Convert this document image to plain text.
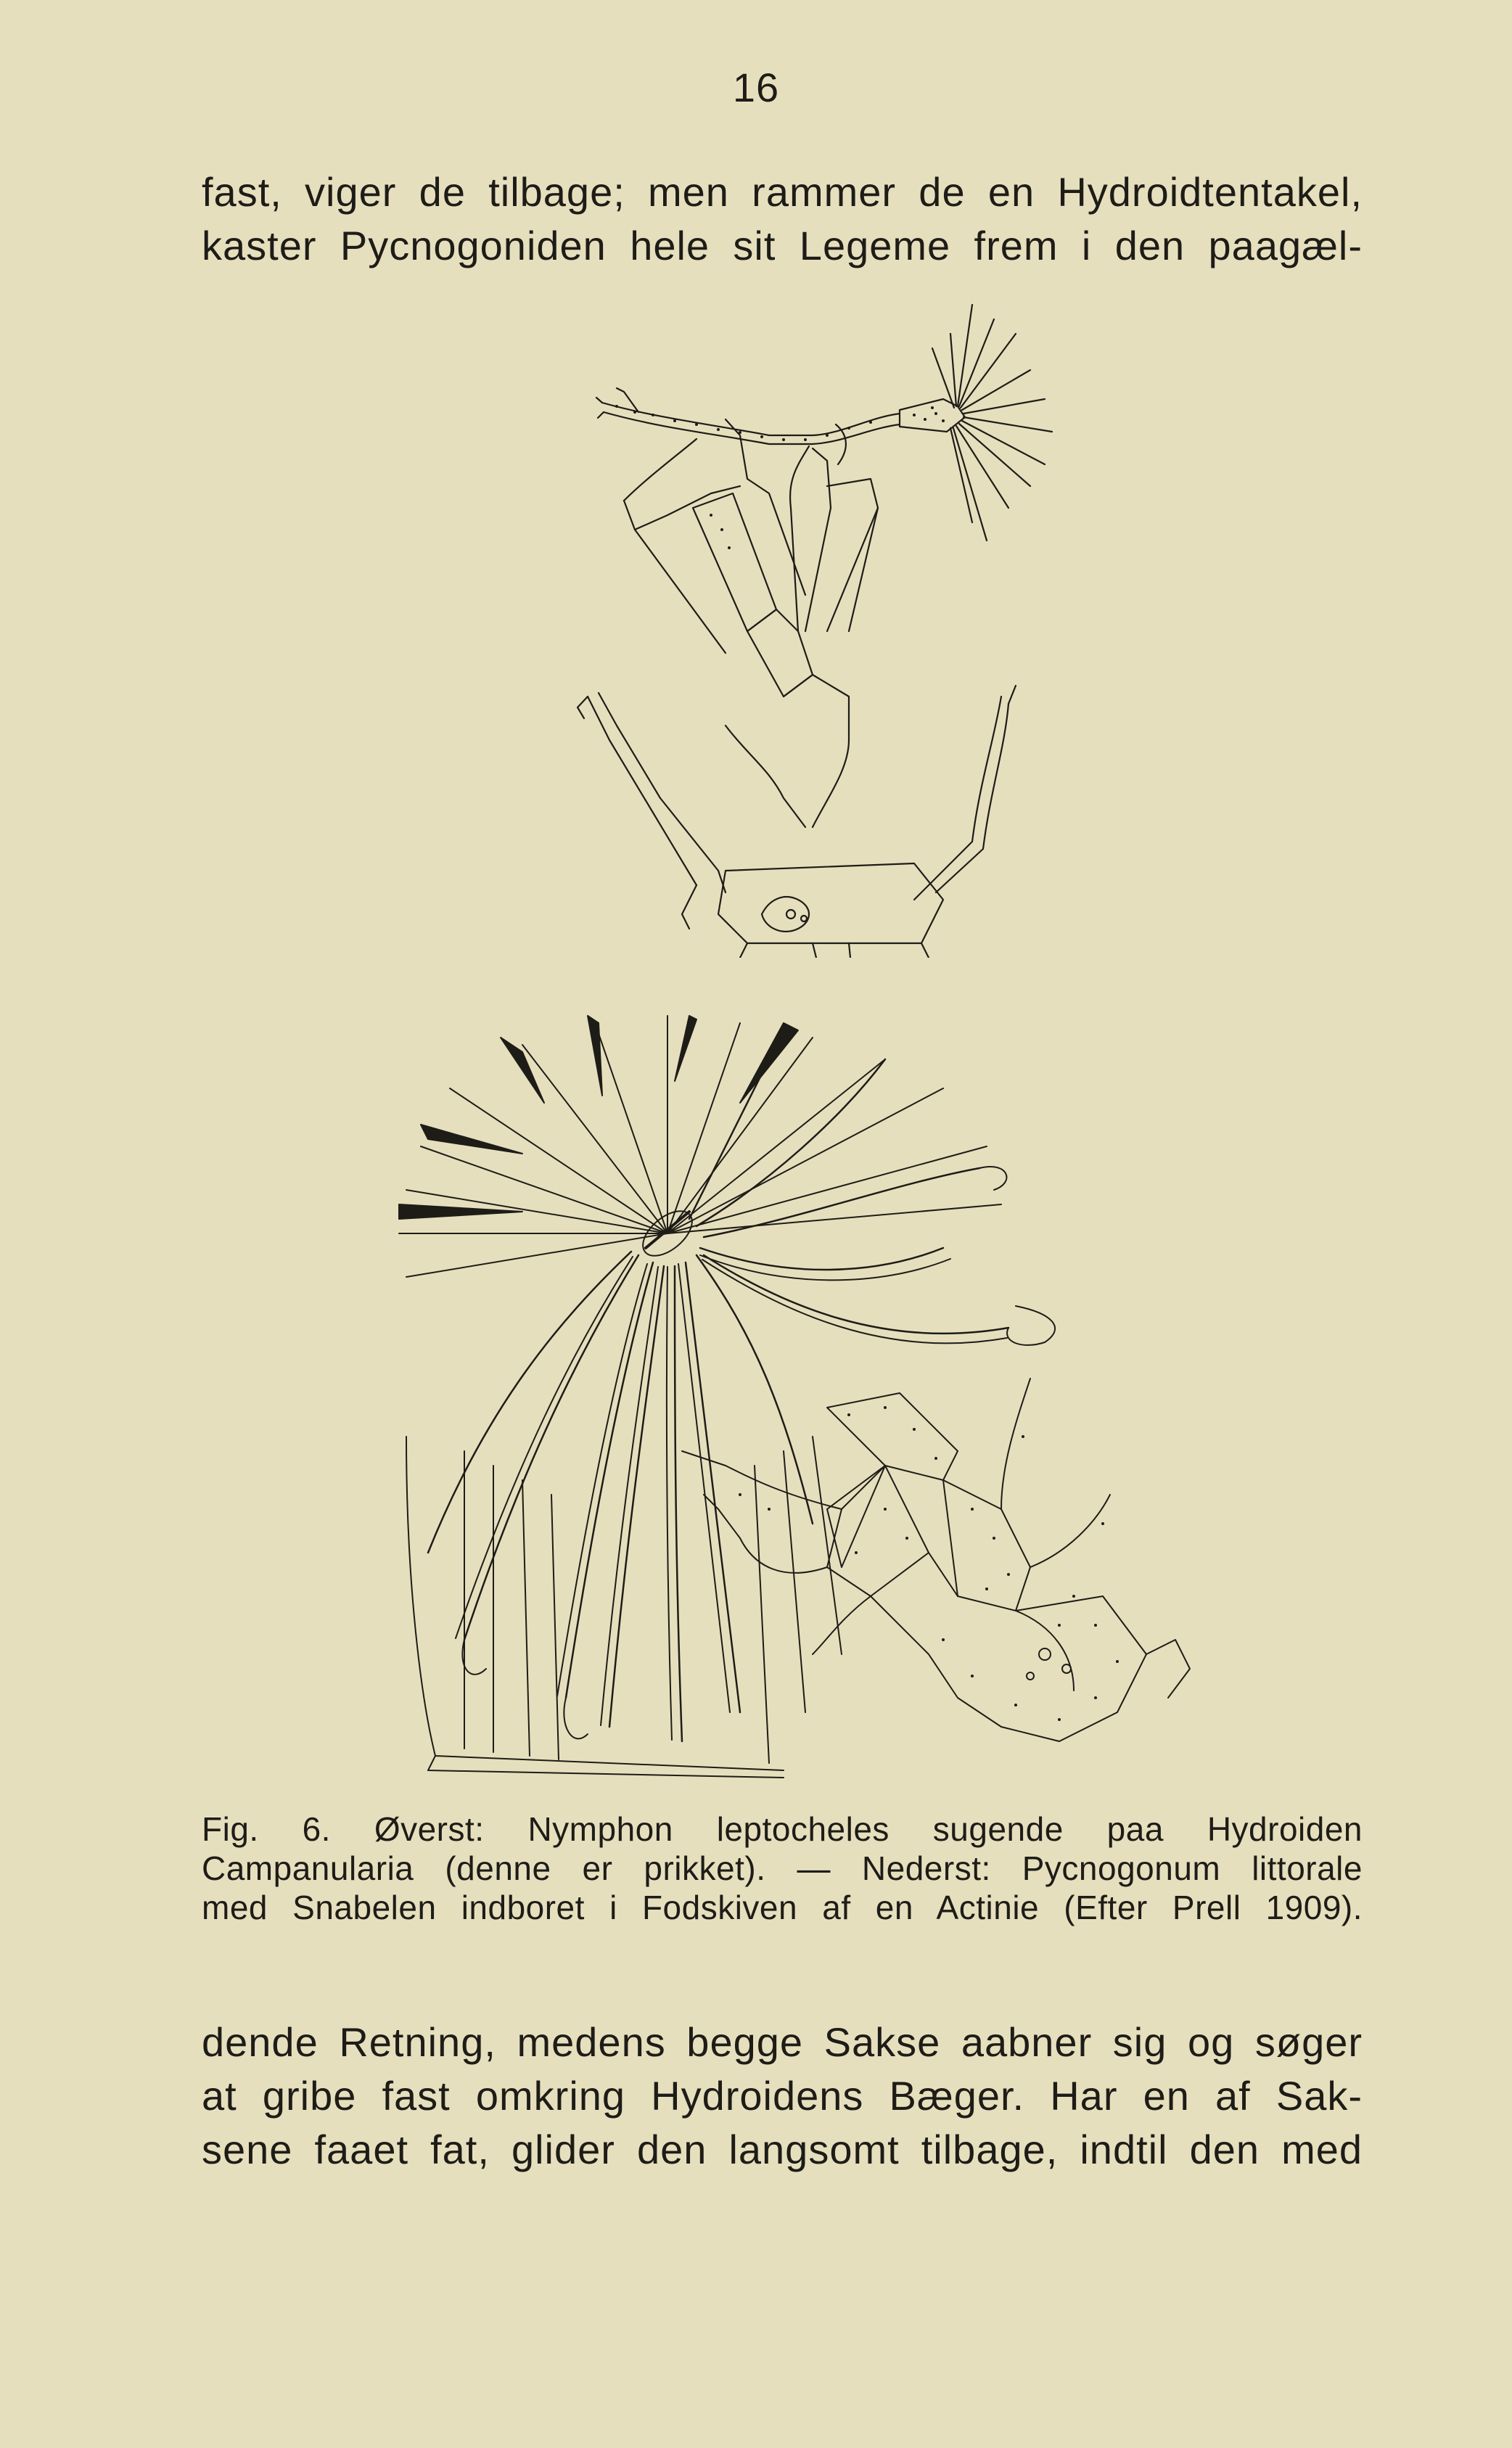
16
fast, viger de tilbage; men rammer de en Hydroidtentakel,
kaster Pycnogoniden hele sit Legeme frem i den paagæl-
Fig. 6. Øverst: Nymphon leptocheles sugende paa Hydroiden
Campanularia (denne er prikket). — Nederst: Pycnogonum littorale
med Snabelen indboret i Fodskiven af en Actinie (Efter Prell 1909).
dende Retning, medens begge Sakse aabner sig og søger
at gribe fast omkring Hydroidens Bæger. Har en af Sak-
sene faaet fat, glider den langsomt tilbage, indtil den med
